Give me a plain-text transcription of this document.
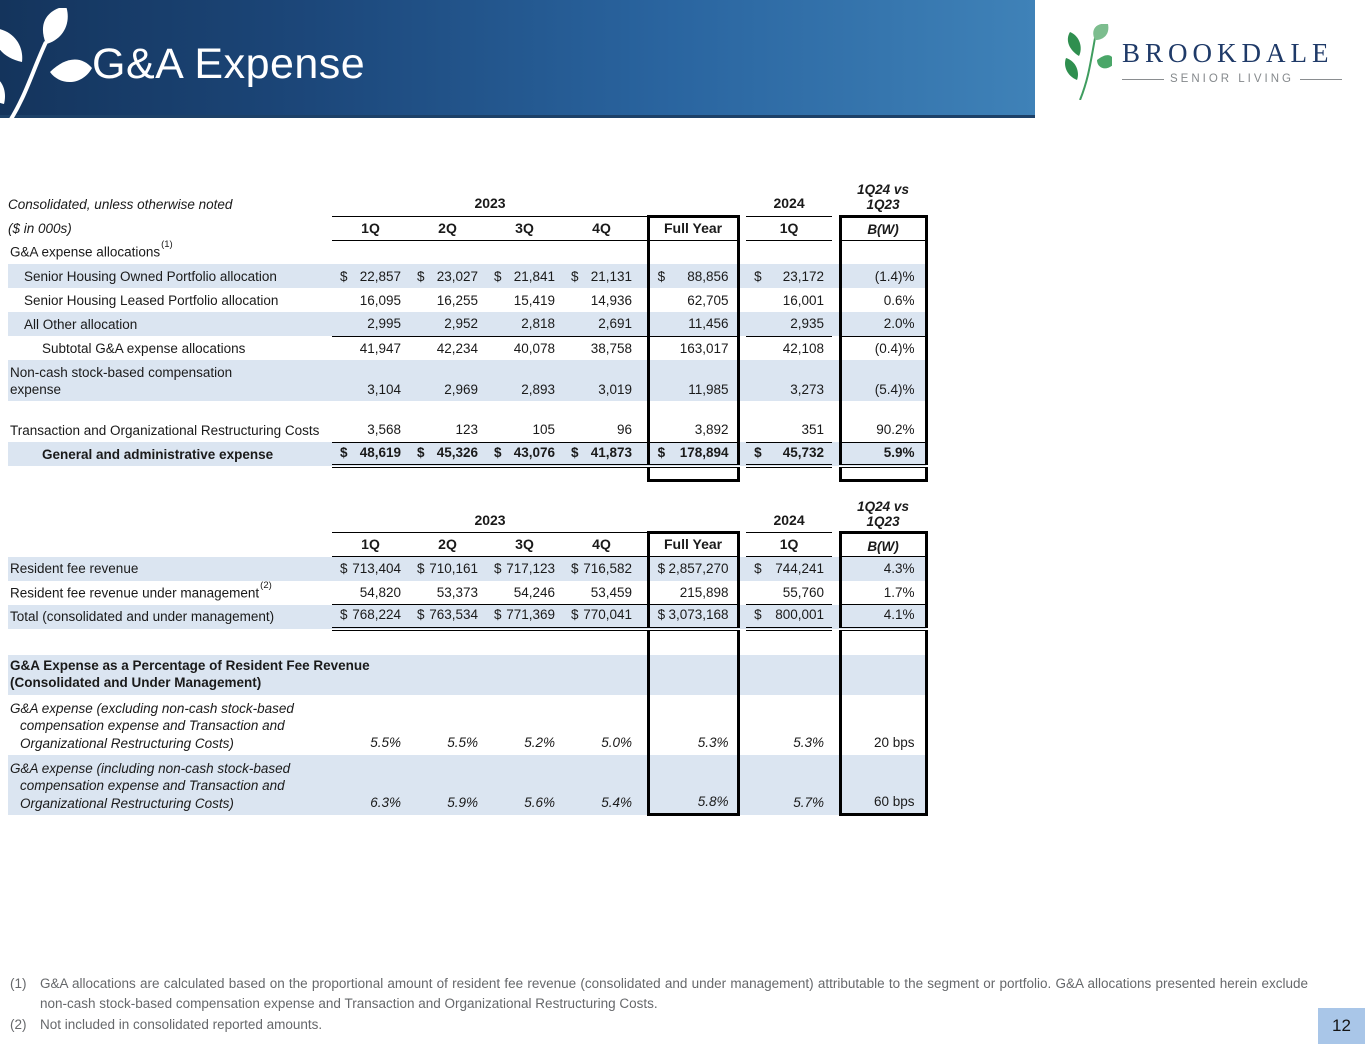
G&A Expense	BROOKDALE
SENIOR LIVING
Consolidated, unless otherwise noted	2023							2024		1Q24 vs
1Q23

($ in 000s)	1Q	2Q	3Q	4Q		Full Year		1Q		B(W)
G&A expense allocations$^{(1)}$						
Senior Housing Owned Portfolio allocation	$ 22,857	$ 23,027	$ 21,841	$ 21,131		$ 88,856		$ 23,172		(1.4)%
Senior Housing Leased Portfolio allocation	16,095	16,255	15,419	14,936		62,705		16,001		0.6%
All Other allocation	2,995	2,952	2,818	2,691		11,456		2,935		2.0%
Subtotal G&A expense allocations	41,947	42,234	40,078	38,758		163,017		42,108		(0.4)%

Non-cash stock-based compensation
expense	3,104	2,969	2,893	3,019		11,985		3,273		(5.4)%

Transaction and Organizational Restructuring Costs	3,568	123	105	96		3,892		351		90.2%
General and administrative expense	$ 48,619	$ 45,326	$ 43,076	$ 41,873		$ 178,894		$ 45,732		5.9%

	2023							2024		1Q24 vs
1Q23

	1Q	2Q	3Q	4Q		Full Year		1Q		B(W)
Resident fee revenue	$ 713,404	$ 710,161	$ 717,123	$ 716,582		$ 2,857,270		$ 744,241		4.3%
Resident fee revenue under management$^{(2)}$	54,820	53,373	54,246	53,459		215,898		55,760		1.7%
Total (consolidated and under management)	$ 768,224	$ 763,534	$ 771,369	$ 770,041		$ 3,073,168		$ 800,001		4.1%

G&A Expense as a Percentage of Resident Fee Revenue
(Consolidated and Under Management)										

G&A expense (excluding non-cash stock-based
compensation expense and Transaction and
Organizational Restructuring Costs)	5.5%	5.5%	5.2%	5.0%		5.3%		5.3%		20 bps

G&A expense (including non-cash stock-based
compensation expense and Transaction and
Organizational Restructuring Costs)	6.3%	5.9%	5.6%	5.4%		5.8%		5.7%		60 bps
(1)	G&A allocations are calculated based on the proportional amount of resident fee revenue (consolidated and under management) attributable to the segment or portfolio. G&A allocations presented herein exclude non-cash stock-based compensation expense and Transaction and Organizational Restructuring Costs.
(2)	Not included in consolidated reported amounts.	12
